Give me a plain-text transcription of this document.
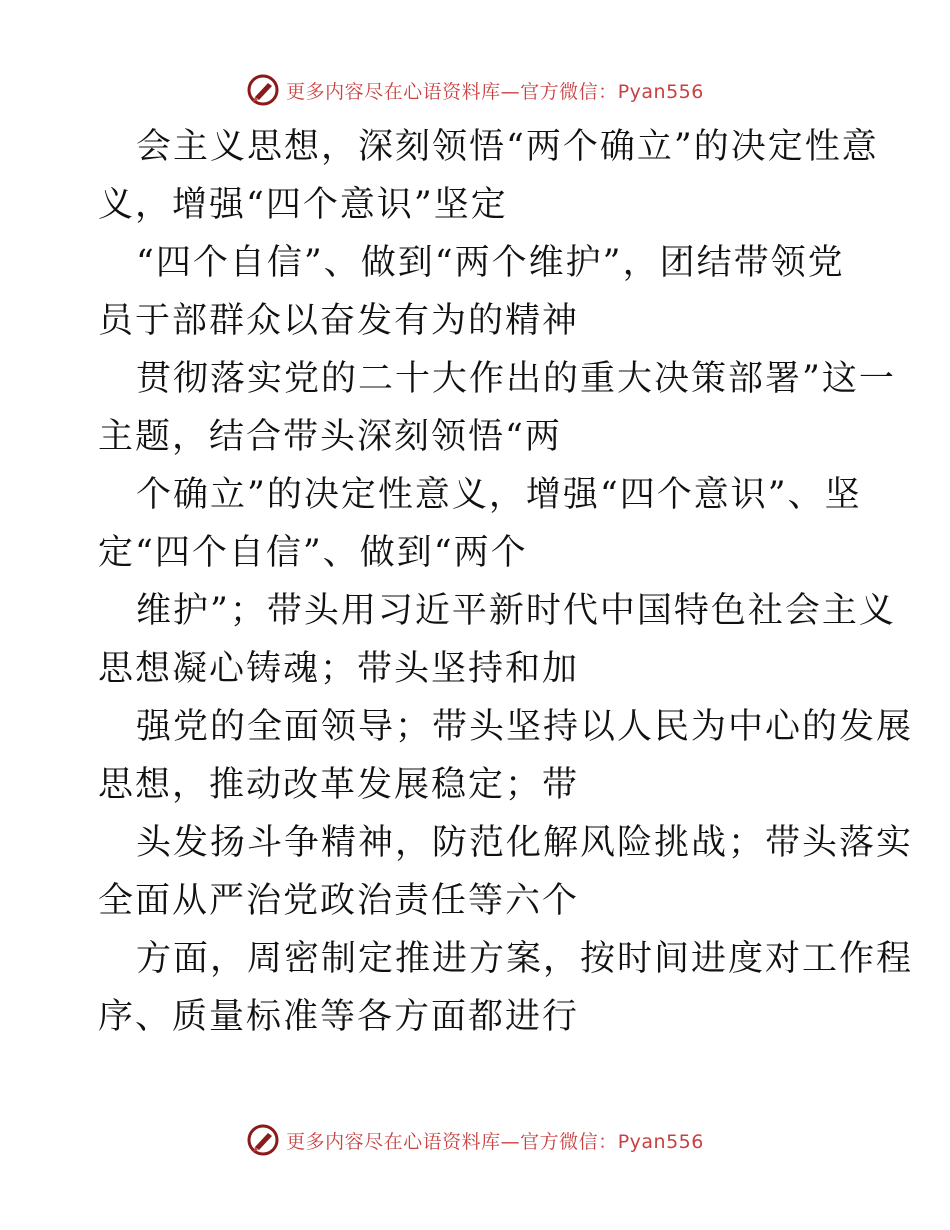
更多内容尽在心语资料库—官方微信：Pyan556

会主义思想，深刻领悟“两个确立”的决定性意
义，增强“四个意识”坚定

“四个自信”、做到“两个维护”，团结带领党
员于部群众以奋发有为的精神

贯彻落实党的二十大作出的重大决策部署”这一
主题，结合带头深刻领悟“两

个确立”的决定性意义，增强“四个意识”、坚
定“四个自信”、做到“两个

维护”；带头用习近平新时代中国特色社会主义
思想凝心铸魂；带头坚持和加

强党的全面领导；带头坚持以人民为中心的发展
思想，推动改革发展稳定；带

头发扬斗争精神，防范化解风险挑战；带头落实
全面从严治党政治责任等六个

方面，周密制定推进方案，按时间进度对工作程
序、质量标准等各方面都进行

更多内容尽在心语资料库—官方微信：Pyan556
